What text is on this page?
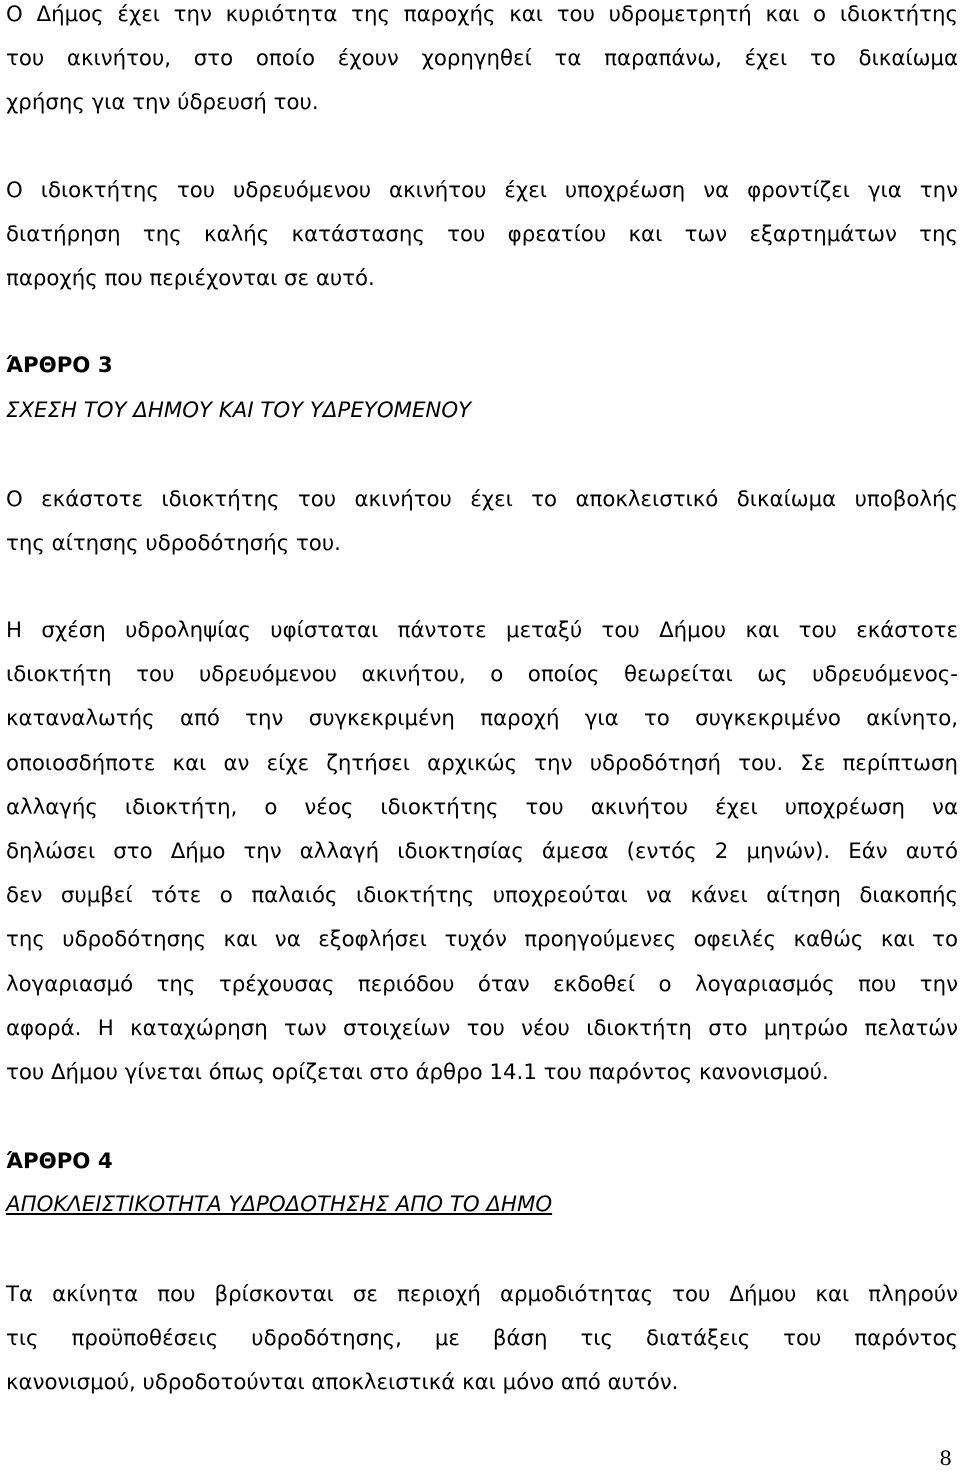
Ο Δήμος έχει την κυριότητα της παροχής και του υδρομετρητή και ο ιδιοκτήτης
του ακινήτου, στο οποίο έχουν χορηγηθεί τα παραπάνω, έχει το δικαίωμα
χρήσης για την ύδρευσή του.
Ο ιδιοκτήτης του υδρευόμενου ακινήτου έχει υποχρέωση να φροντίζει για την
διατήρηση της καλής κατάστασης του φρεατίου και των εξαρτημάτων της
παροχής που περιέχονται σε αυτό.
ΆΡΘΡΟ 3
ΣΧΕΣΗ ΤΟΥ ΔΗΜΟΥ ΚΑΙ ΤΟΥ ΥΔΡΕΥΟΜΕΝΟΥ
Ο εκάστοτε ιδιοκτήτης του ακινήτου έχει το αποκλειστικό δικαίωμα υποβολής
της αίτησης υδροδότησής του.
Η σχέση υδροληψίας υφίσταται πάντοτε μεταξύ του Δήμου και του εκάστοτε
ιδιοκτήτη του υδρευόμενου ακινήτου, ο οποίος θεωρείται ως υδρευόμενος-
καταναλωτής από την συγκεκριμένη παροχή για το συγκεκριμένο ακίνητο,
οποιοσδήποτε και αν είχε ζητήσει αρχικώς την υδροδότησή του. Σε περίπτωση
αλλαγής ιδιοκτήτη, ο νέος ιδιοκτήτης του ακινήτου έχει υποχρέωση να
δηλώσει στο Δήμο την αλλαγή ιδιοκτησίας άμεσα (εντός 2 μηνών). Εάν αυτό
δεν συμβεί τότε ο παλαιός ιδιοκτήτης υποχρεούται να κάνει αίτηση διακοπής
της υδροδότησης και να εξοφλήσει τυχόν προηγούμενες οφειλές καθώς και το
λογαριασμό της τρέχουσας περιόδου όταν εκδοθεί ο λογαριασμός που την
αφορά. Η καταχώρηση των στοιχείων του νέου ιδιοκτήτη στο μητρώο πελατών
του Δήμου γίνεται όπως ορίζεται στο άρθρο 14.1 του παρόντος κανονισμού.
ΆΡΘΡΟ 4
ΑΠΟΚΛΕΙΣΤΙΚΟΤΗΤΑ ΥΔΡΟΔΟΤΗΣΗΣ ΑΠΟ ΤΟ ΔΗΜΟ
Τα ακίνητα που βρίσκονται σε περιοχή αρμοδιότητας του Δήμου και πληρούν
τις προϋποθέσεις υδροδότησης, με βάση τις διατάξεις του παρόντος
κανονισμού, υδροδοτούνται αποκλειστικά και μόνο από αυτόν.
8
